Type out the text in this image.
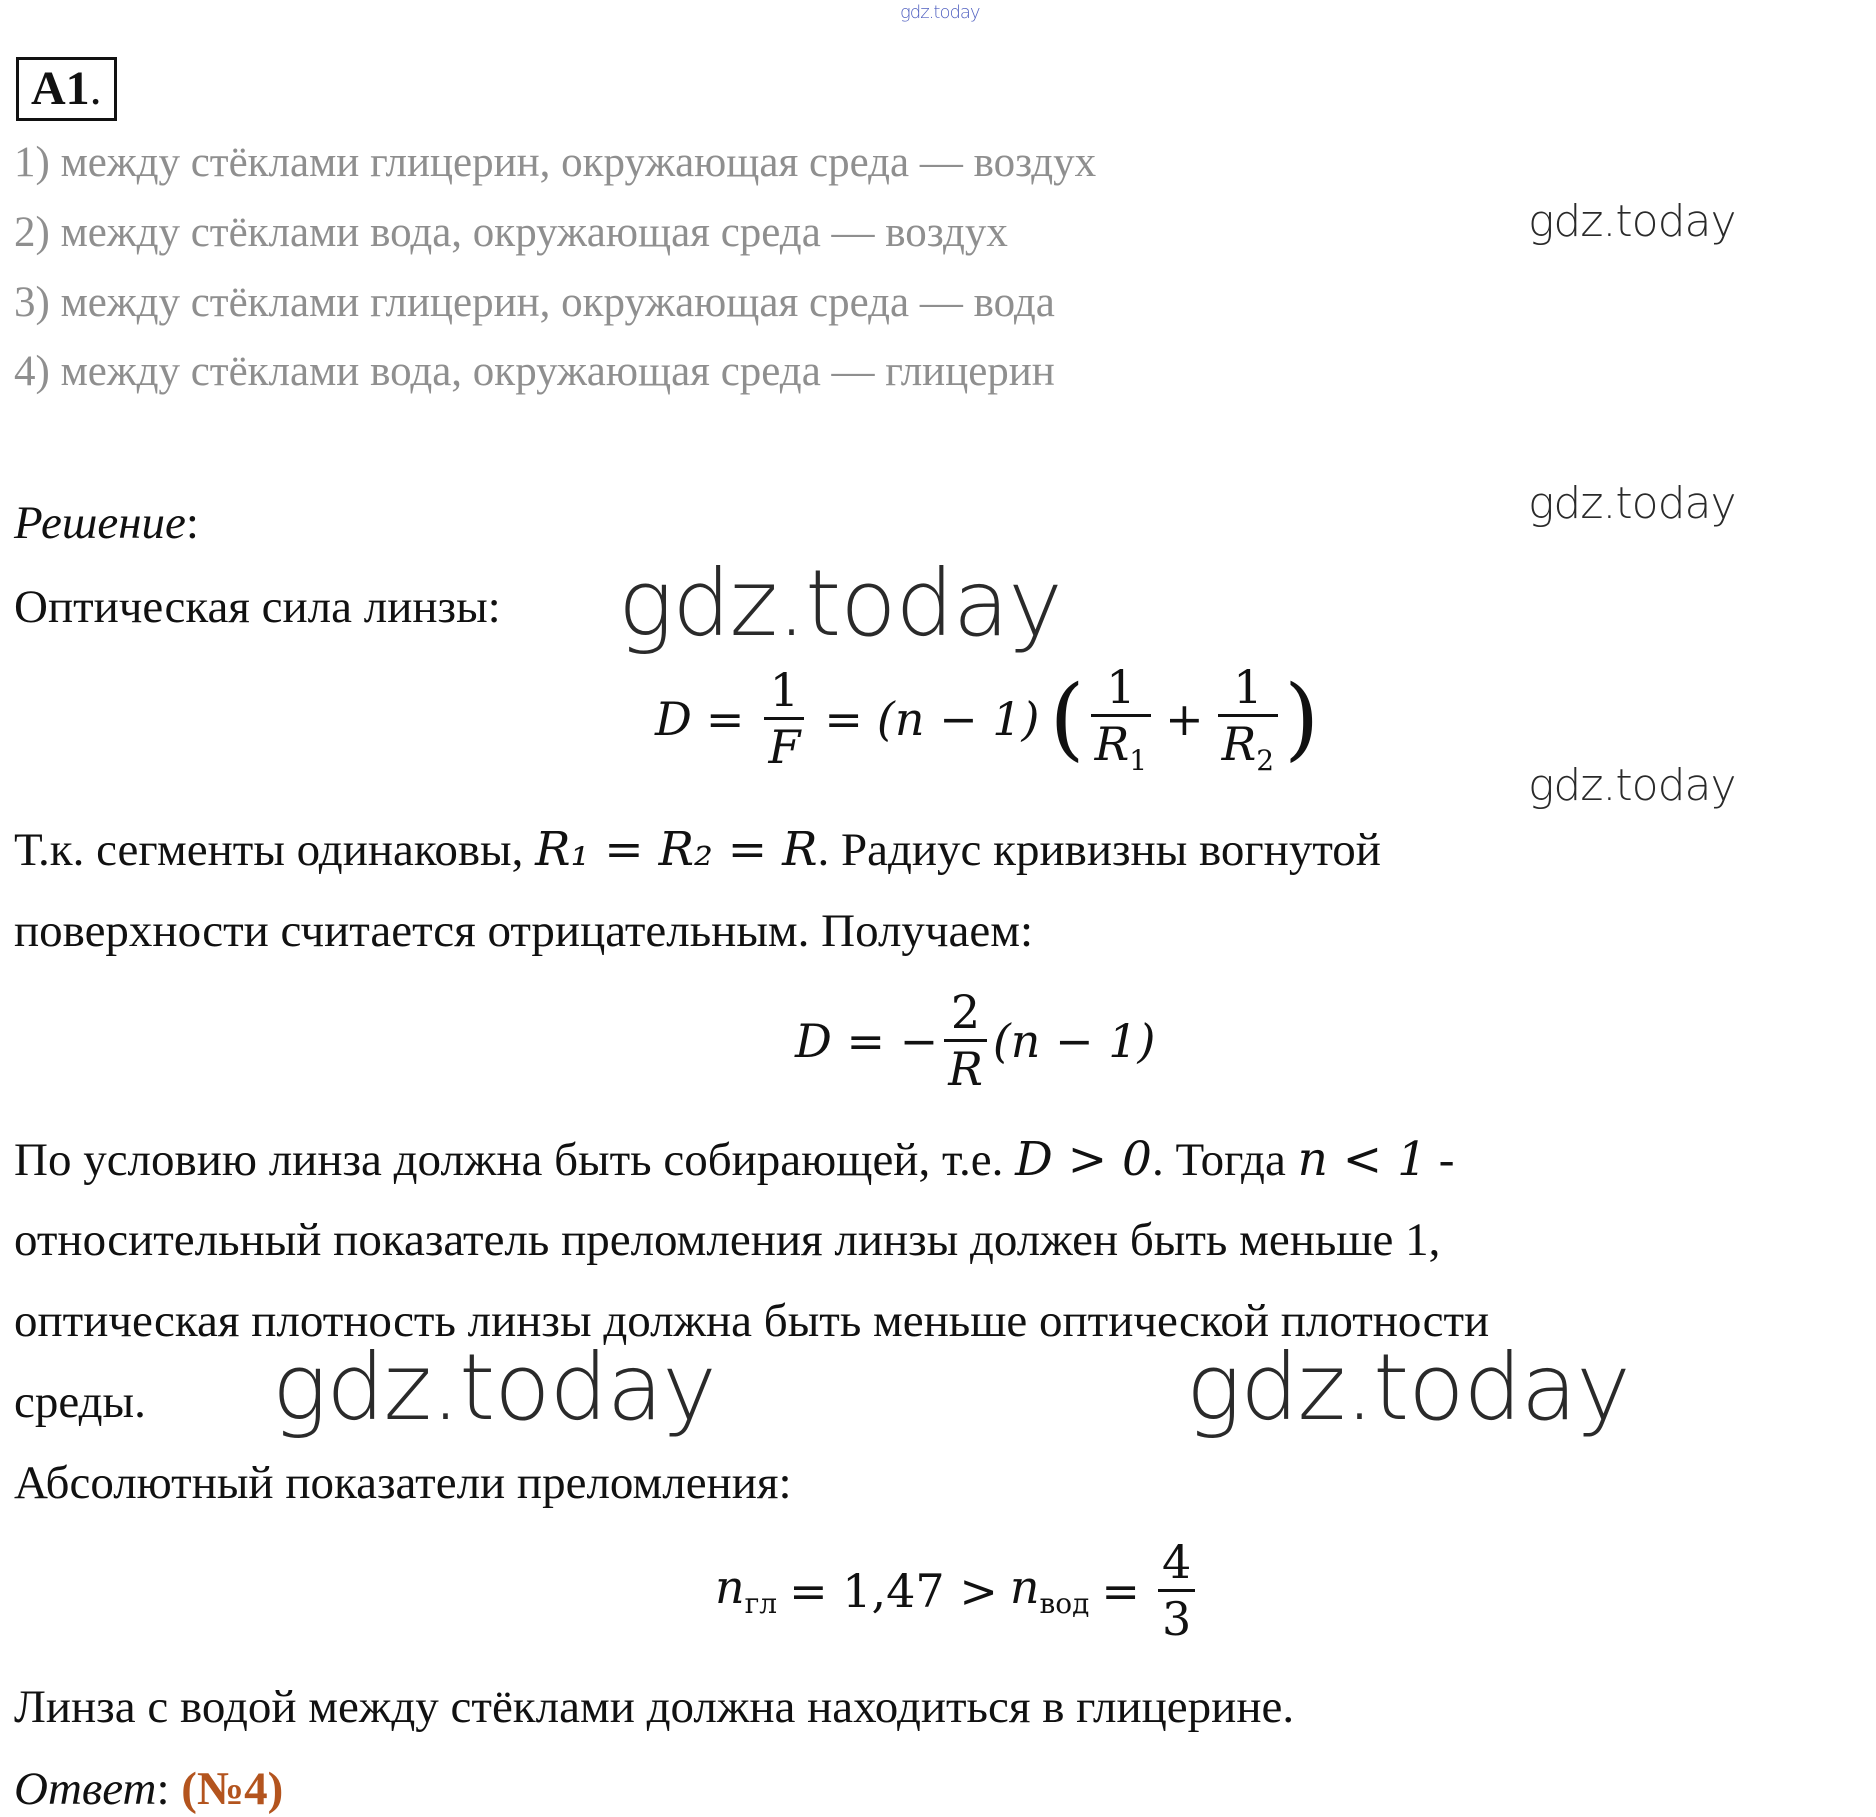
gdz.today
gdz.today
gdz.today
gdz.today
gdz.today
gdz.today	gdz.today
A1.
1) между стёклами глицерин, окружающая среда — воздух
2) между стёклами вода, окружающая среда — воздух
3) между стёклами глицерин, окружающая среда — вода
4) между стёклами вода, окружающая среда — глицерин
Решение:
Оптическая сила линзы:
$D = \frac{1}{F} = (n - 1)$ ( $\frac{1}{R_1} + \frac{1}{R_2}$ )
Т.к. сегменты одинаковы, R₁ = R₂ = R. Радиус кривизны вогнутой
поверхности считается отрицательным. Получаем:
D = − $\frac{2}{R} (n - 1)$
По условию линза должна быть собирающей, т.е. D > 0. Тогда n < 1 -
относительный показатель преломления линзы должен быть меньше 1,
оптическая плотность линзы должна быть меньше оптической плотности
среды.
Абсолютный показатели преломления:
$n_{гл} = 1,47 > n_{вод} = \frac{4}{3}$
Линза с водой между стёклами должна находиться в глицерине.
Ответ: (№4)
